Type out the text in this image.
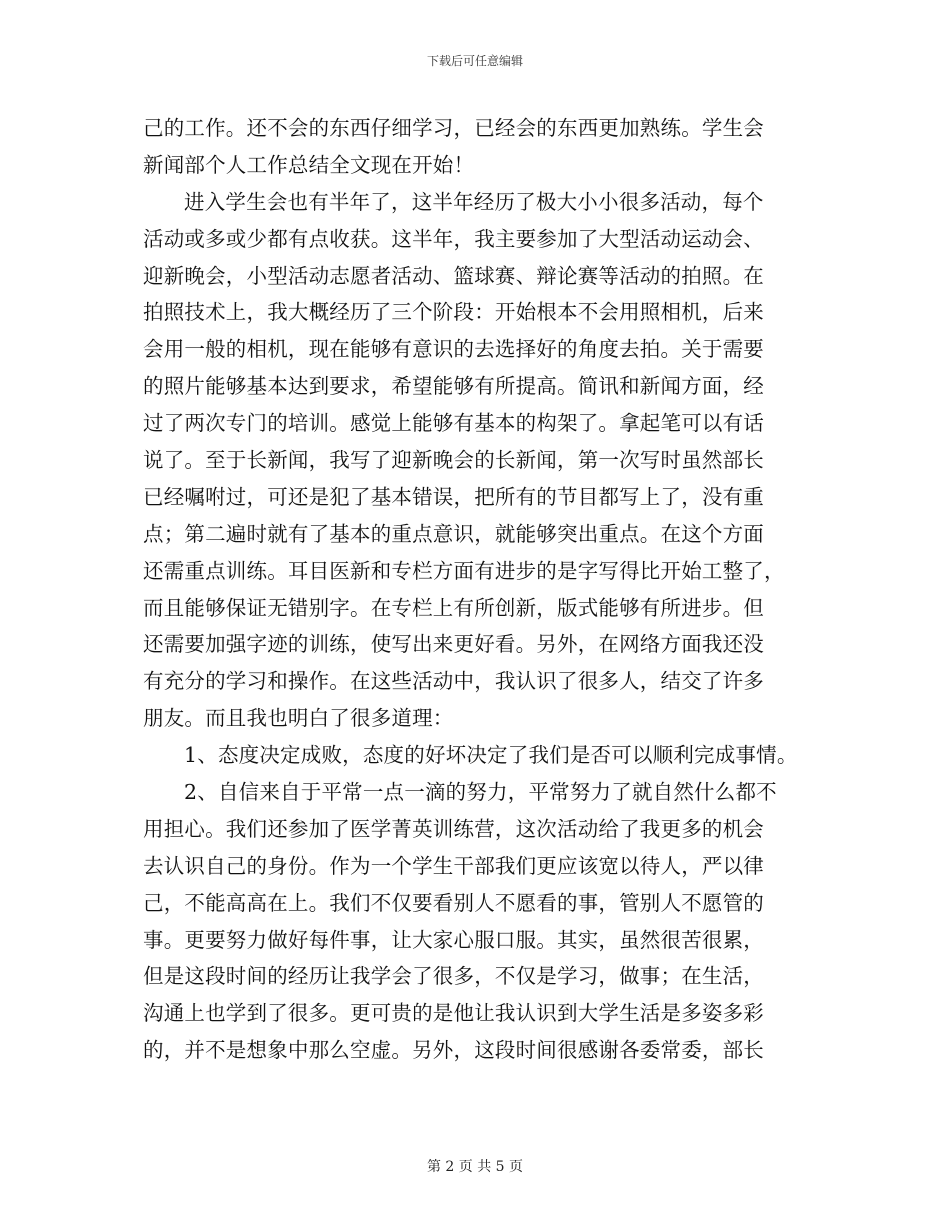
下载后可任意编辑
己的工作。还不会的东西仔细学习，已经会的东西更加熟练。学生会
新闻部个人工作总结全文现在开始！
进入学生会也有半年了，这半年经历了极大小小很多活动，每个
活动或多或少都有点收获。这半年，我主要参加了大型活动运动会、
迎新晚会，小型活动志愿者活动、篮球赛、辩论赛等活动的拍照。在
拍照技术上，我大概经历了三个阶段：开始根本不会用照相机，后来
会用一般的相机，现在能够有意识的去选择好的角度去拍。关于需要
的照片能够基本达到要求，希望能够有所提高。简讯和新闻方面，经
过了两次专门的培训。感觉上能够有基本的构架了。拿起笔可以有话
说了。至于长新闻，我写了迎新晚会的长新闻，第一次写时虽然部长
已经嘱咐过，可还是犯了基本错误，把所有的节目都写上了，没有重
点；第二遍时就有了基本的重点意识，就能够突出重点。在这个方面
还需重点训练。耳目医新和专栏方面有进步的是字写得比开始工整了，
而且能够保证无错别字。在专栏上有所创新，版式能够有所进步。但
还需要加强字迹的训练，使写出来更好看。另外，在网络方面我还没
有充分的学习和操作。在这些活动中，我认识了很多人，结交了许多
朋友。而且我也明白了很多道理：
1、态度决定成败，态度的好坏决定了我们是否可以顺利完成事情。
2、自信来自于平常一点一滴的努力，平常努力了就自然什么都不
用担心。我们还参加了医学菁英训练营，这次活动给了我更多的机会
去认识自己的身份。作为一个学生干部我们更应该宽以待人，严以律
己，不能高高在上。我们不仅要看别人不愿看的事，管别人不愿管的
事。更要努力做好每件事，让大家心服口服。其实，虽然很苦很累，
但是这段时间的经历让我学会了很多，不仅是学习，做事；在生活，
沟通上也学到了很多。更可贵的是他让我认识到大学生活是多姿多彩
的，并不是想象中那么空虚。另外，这段时间很感谢各委常委，部长
第 2 页 共 5 页
